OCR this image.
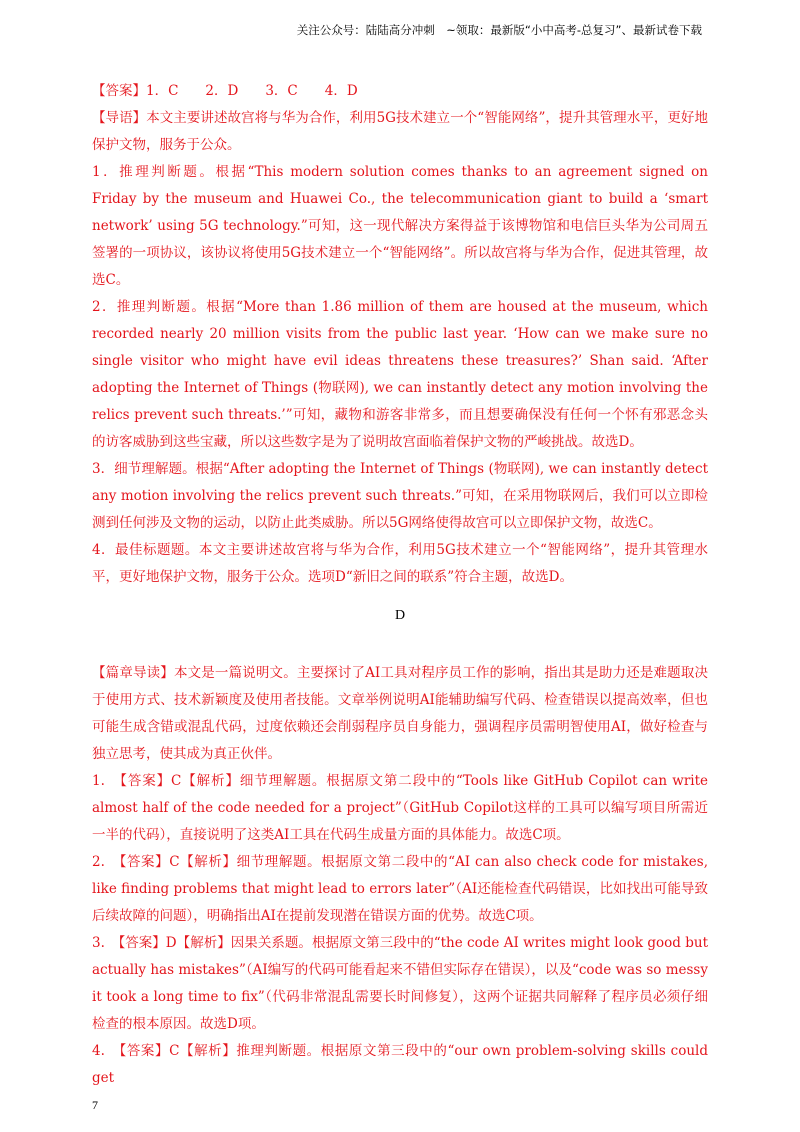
关注公众号：陆陆高分冲刺　~领取：最新版“小中高考-总复习”、最新试卷下载

【答案】1．C　　2．D　　3．C　　4．D

【导语】本文主要讲述故宫将与华为合作，利用5G技术建立一个“智能网络”，提升其管理水平，更好地保护文物，服务于公众。

1．推理判断题。根据“This modern solution comes thanks to an agreement signed on Friday by the museum and Huawei Co., the telecommunication giant to build a ‘smart network’ using 5G technology.”可知，这一现代解决方案得益于该博物馆和电信巨头华为公司周五签署的一项协议，该协议将使用5G技术建立一个“智能网络”。所以故宫将与华为合作，促进其管理，故选C。

2．推理判断题。根据“More than 1.86 million of them are housed at the museum, which recorded nearly 20 million visits from the public last year. ‘How can we make sure no single visitor who might have evil ideas threatens these treasures?’ Shan said. ‘After adopting the Internet of Things (物联网), we can instantly detect any motion involving the relics prevent such threats.’”可知，藏物和游客非常多，而且想要确保没有任何一个怀有邪恶念头的访客威胁到这些宝藏，所以这些数字是为了说明故宫面临着保护文物的严峻挑战。故选D。

3．细节理解题。根据“After adopting the Internet of Things (物联网), we can instantly detect any motion involving the relics prevent such threats.”可知，在采用物联网后，我们可以立即检测到任何涉及文物的运动，以防止此类威胁。所以5G网络使得故宫可以立即保护文物，故选C。

4．最佳标题题。本文主要讲述故宫将与华为合作，利用5G技术建立一个“智能网络”，提升其管理水平，更好地保护文物，服务于公众。选项D“新旧之间的联系”符合主题，故选D。

D

【篇章导读】本文是一篇说明文。主要探讨了AI工具对程序员工作的影响，指出其是助力还是难题取决于使用方式、技术新颖度及使用者技能。文章举例说明AI能辅助编写代码、检查错误以提高效率，但也可能生成含错或混乱代码，过度依赖还会削弱程序员自身能力，强调程序员需明智使用AI，做好检查与独立思考，使其成为真正伙伴。

1.　【答案】C【解析】细节理解题。根据原文第二段中的“Tools like GitHub Copilot can write almost half of the code needed for a project”（GitHub Copilot这样的工具可以编写项目所需近一半的代码），直接说明了这类AI工具在代码生成量方面的具体能力。故选C项。

2.　【答案】C【解析】细节理解题。根据原文第二段中的“AI can also check code for mistakes, like finding problems that might lead to errors later”（AI还能检查代码错误，比如找出可能导致后续故障的问题），明确指出AI在提前发现潜在错误方面的优势。故选C项。

3.　【答案】D【解析】因果关系题。根据原文第三段中的“the code AI writes might look good but actually has mistakes”（AI编写的代码可能看起来不错但实际存在错误），以及“code was so messy it took a long time to fix”（代码非常混乱需要长时间修复），这两个证据共同解释了程序员必须仔细检查的根本原因。故选D项。

4.　【答案】C【解析】推理判断题。根据原文第三段中的“our own problem-solving skills could get

7
